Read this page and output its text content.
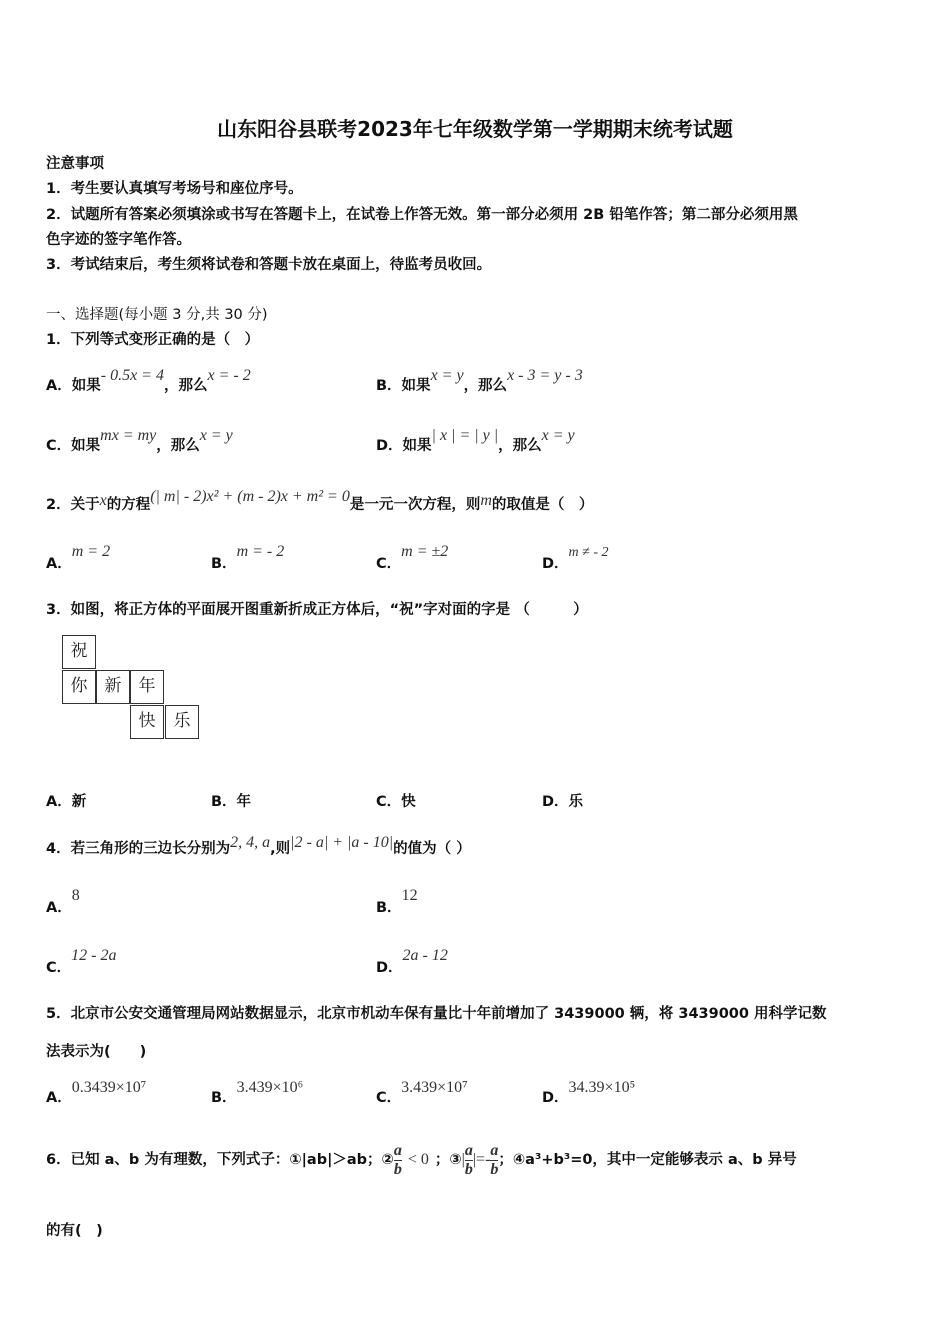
山东阳谷县联考2023年七年级数学第一学期期末统考试题
注意事项
1．考生要认真填写考场号和座位序号。
2．试题所有答案必须填涂或书写在答题卡上，在试卷上作答无效。第一部分必须用 2B 铅笔作答；第二部分必须用黑
色字迹的签字笔作答。
3．考试结束后，考生须将试卷和答题卡放在桌面上，待监考员收回。
一、选择题(每小题 3 分,共 30 分)
1．下列等式变形正确的是（　）
A．如果- 0.5x = 4，那么x = - 2
B．如果x = y，那么x - 3 = y - 3
C．如果mx = my，那么x = y
D．如果| x | = | y |，那么x = y
2．关于x的方程(| m| - 2)x² + (m - 2)x + m² = 0是一元一次方程，则m的取值是（　）
A．m = 2
B．m = - 2
C．m = ±2
D．m ≠ - 2
3．如图，将正方体的平面展开图重新折成正方体后，“祝”字对面的字是 （　　　）
祝
你	新	年
快	乐
A．新	B．年	C．快	D．乐
4．若三角形的三边长分别为2, 4, a,则|2 - a| + |a - 10|的值为（ ）
A．8
B．12
C．12 - 2a
D．2a - 12
5．北京市公安交通管理局网站数据显示，北京市机动车保有量比十年前增加了 3439000 辆，将 3439000 用科学记数
法表示为(　　)
A．0.3439×10⁷
B．3.439×10⁶
C．3.439×10⁷
D．34.39×10⁵
6．已知 a、b 为有理数，下列式子：①|ab|＞ab；② $\frac{a}{b} < 0$ ；③| $\frac{a}{b}$ |=- $\frac{a}{b}$ ；④a³+b³=0，其中一定能够表示 a、b 异号
的有(　)
